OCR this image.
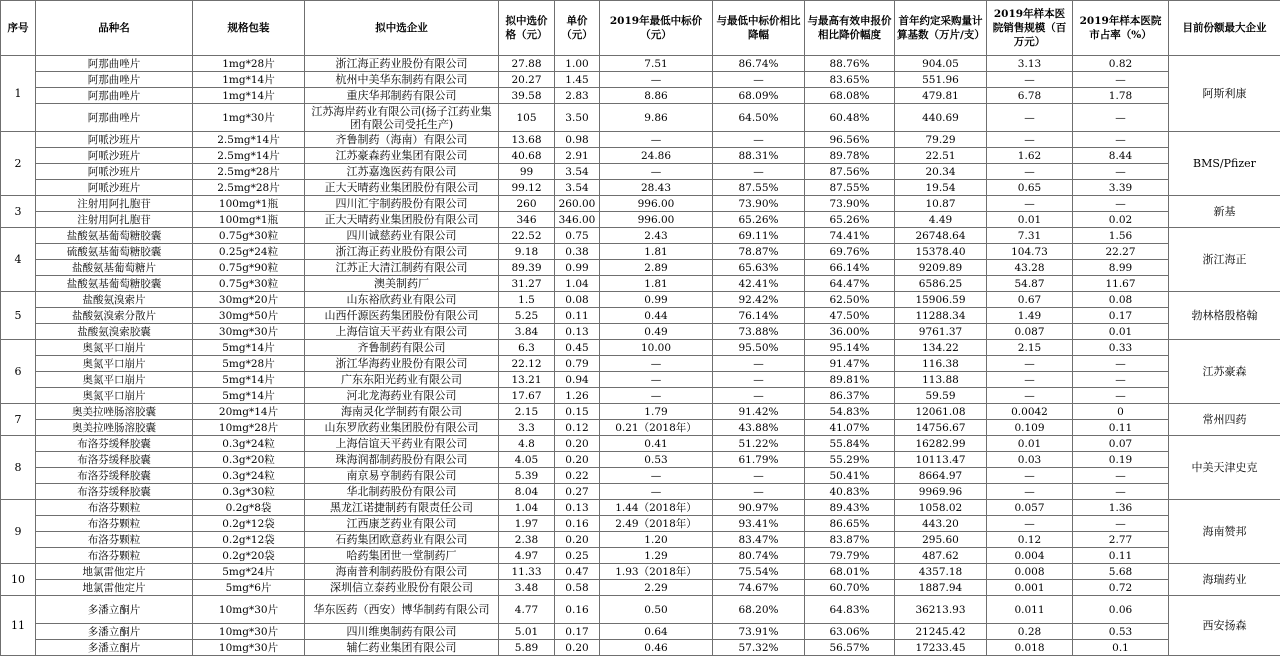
序号	品种名	规格包装	拟中选企业	拟中选价格（元）	单价（元）	2019年最低中标价（元）	与最低中标价相比降幅	与最高有效申报价相比降价幅度	首年约定采购量计算基数（万片/支）	2019年样本医院销售规模（百万元）	2019年样本医院市占率（%）	目前份额最大企业
1	阿那曲唑片	1mg*28片	浙江海正药业股份有限公司	27.88	1.00	7.51	86.74%	88.76%	904.05	3.13	0.82	阿斯利康
	阿那曲唑片	1mg*14片	杭州中美华东制药有限公司	20.27	1.45	—	—	83.65%	551.96	—	—	
	阿那曲唑片	1mg*14片	重庆华邦制药有限公司	39.58	2.83	8.86	68.09%	68.08%	479.81	6.78	1.78	
	阿那曲唑片	1mg*30片	江苏海岸药业有限公司(扬子江药业集团有限公司受托生产)	105	3.50	9.86	64.50%	60.48%	440.69	—	—	
2	阿哌沙班片	2.5mg*14片	齐鲁制药（海南）有限公司	13.68	0.98	—	—	96.56%	79.29	—	—	BMS/Pfizer
	阿哌沙班片	2.5mg*14片	江苏豪森药业集团有限公司	40.68	2.91	24.86	88.31%	89.78%	22.51	1.62	8.44	
	阿哌沙班片	2.5mg*28片	江苏嘉逸医药有限公司	99	3.54	—	—	87.56%	20.34	—	—	
	阿哌沙班片	2.5mg*28片	正大天晴药业集团股份有限公司	99.12	3.54	28.43	87.55%	87.55%	19.54	0.65	3.39	
3	注射用阿扎胞苷	100mg*1瓶	四川汇宇制药股份有限公司	260	260.00	996.00	73.90%	73.90%	10.87	—	—	新基
	注射用阿扎胞苷	100mg*1瓶	正大天晴药业集团股份有限公司	346	346.00	996.00	65.26%	65.26%	4.49	0.01	0.02	
4	盐酸氨基葡萄糖胶囊	0.75g*30粒	四川诚慈药业有限公司	22.52	0.75	2.43	69.11%	74.41%	26748.64	7.31	1.56	浙江海正
	硫酸氨基葡萄糖胶囊	0.25g*24粒	浙江海正药业股份有限公司	9.18	0.38	1.81	78.87%	69.76%	15378.40	104.73	22.27	
	盐酸氨基葡萄糖片	0.75g*90粒	江苏正大清江制药有限公司	89.39	0.99	2.89	65.63%	66.14%	9209.89	43.28	8.99	
	盐酸氨基葡萄糖胶囊	0.75g*30粒	澳美制药厂	31.27	1.04	1.81	42.41%	64.47%	6586.25	54.87	11.67	
5	盐酸氨溴索片	30mg*20片	山东裕欣药业有限公司	1.5	0.08	0.99	92.42%	62.50%	15906.59	0.67	0.08	勃林格殷格翰
	盐酸氨溴索分散片	30mg*50片	山西仟源医药集团股份有限公司	5.25	0.11	0.44	76.14%	47.50%	11288.34	1.49	0.17	
	盐酸氨溴索胶囊	30mg*30片	上海信谊天平药业有限公司	3.84	0.13	0.49	73.88%	36.00%	9761.37	0.087	0.01	
6	奥氮平口崩片	5mg*14片	齐鲁制药有限公司	6.3	0.45	10.00	95.50%	95.14%	134.22	2.15	0.33	江苏豪森
	奥氮平口崩片	5mg*28片	浙江华海药业股份有限公司	22.12	0.79	—	—	91.47%	116.38	—	—	
	奥氮平口崩片	5mg*14片	广东东阳光药业有限公司	13.21	0.94	—	—	89.81%	113.88	—	—	
	奥氮平口崩片	5mg*14片	河北龙海药业有限公司	17.67	1.26	—	—	86.37%	59.59	—	—	
7	奥美拉唑肠溶胶囊	20mg*14片	海南灵化学制药有限公司	2.15	0.15	1.79	91.42%	54.83%	12061.08	0.0042	0	常州四药
	奥美拉唑肠溶胶囊	10mg*28片	山东罗欣药业集团股份有限公司	3.3	0.12	0.21（2018年）	43.88%	41.07%	14756.67	0.109	0.11	
8	布洛芬缓释胶囊	0.3g*24粒	上海信谊天平药业有限公司	4.8	0.20	0.41	51.22%	55.84%	16282.99	0.01	0.07	中美天津史克
	布洛芬缓释胶囊	0.3g*20粒	珠海润都制药股份有限公司	4.05	0.20	0.53	61.79%	55.29%	10113.47	0.03	0.19	
	布洛芬缓释胶囊	0.3g*24粒	南京易亨制药有限公司	5.39	0.22	—	—	50.41%	8664.97	—	—	
	布洛芬缓释胶囊	0.3g*30粒	华北制药股份有限公司	8.04	0.27	—	—	40.83%	9969.96	—	—	
9	布洛芬颗粒	0.2g*8袋	黑龙江诺捷制药有限责任公司	1.04	0.13	1.44（2018年）	90.97%	89.43%	1058.02	0.057	1.36	海南赞邦
	布洛芬颗粒	0.2g*12袋	江西康芝药业有限公司	1.97	0.16	2.49（2018年）	93.41%	86.65%	443.20	—	—	
	布洛芬颗粒	0.2g*12袋	石药集团欧意药业有限公司	2.38	0.20	1.20	83.47%	83.87%	295.60	0.12	2.77	
	布洛芬颗粒	0.2g*20袋	哈药集团世一堂制药厂	4.97	0.25	1.29	80.74%	79.79%	487.62	0.004	0.11	
10	地氯雷他定片	5mg*24片	海南普利制药股份有限公司	11.33	0.47	1.93（2018年）	75.54%	68.01%	4357.18	0.008	5.68	海瑞药业
	地氯雷他定片	5mg*6片	深圳信立泰药业股份有限公司	3.48	0.58	2.29	74.67%	60.70%	1887.94	0.001	0.72	
11	多潘立酮片	10mg*30片	华东医药（西安）博华制药有限公司	4.77	0.16	0.50	68.20%	64.83%	36213.93	0.011	0.06	西安扬森
	多潘立酮片	10mg*30片	四川维奥制药有限公司	5.01	0.17	0.64	73.91%	63.06%	21245.42	0.28	0.53	
	多潘立酮片	10mg*30片	辅仁药业集团有限公司	5.89	0.20	0.46	57.32%	56.57%	17233.45	0.018	0.1	
